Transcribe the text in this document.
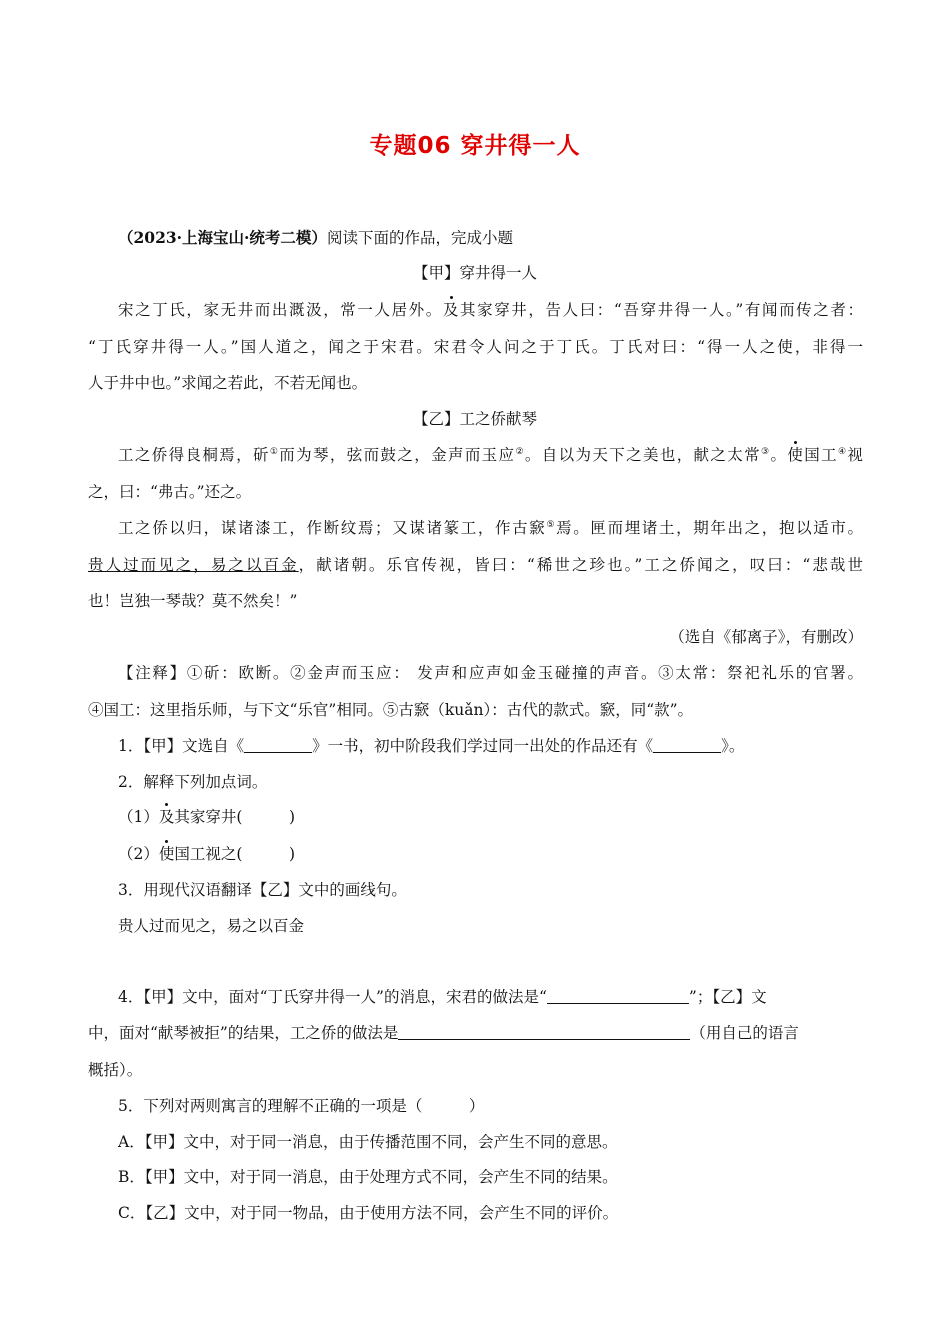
专题06 穿井得一人
（2023·上海宝山·统考二模）阅读下面的作品，完成小题
【甲】穿井得一人
宋之丁氏，家无井而出溉汲，常一人居外。及其家穿井，告人曰：“吾穿井得一人。”有闻而传之者：
“丁氏穿井得一人。”国人道之，闻之于宋君。宋君令人问之于丁氏。丁氏对曰：“得一人之使，非得一
人于井中也。”求闻之若此，不若无闻也。
【乙】工之侨献琴
工之侨得良桐焉，斫①而为琴，弦而鼓之，金声而玉应②。自以为天下之美也，献之太常③。使国工④视
之，曰：“弗古。”还之。
工之侨以归，谋诸漆工，作断纹焉；又谋诸篆工，作古窾⑤焉。匣而埋诸土，期年出之，抱以适市。
贵人过而见之，易之以百金，献诸朝。乐官传视，皆曰：“稀世之珍也。”工之侨闻之，叹曰：“悲哉世
也！岂独一琴哉？莫不然矣！”
（选自《郁离子》，有删改）
【注释】①斫：欧断。②金声而玉应： 发声和应声如金玉碰撞的声音。③太常：祭祀礼乐的官署。
④国工：这里指乐师，与下文“乐官”相同。⑤古窾（kuǎn）：古代的款式。窾，同“款”。
1．【甲】文选自《	》一书，初中阶段我们学过同一出处的作品还有《	》。
2．解释下列加点词。
（1）及其家穿井(　　　)
（2）使国工视之(　　　)
3．用现代汉语翻译【乙】文中的画线句。
贵人过而见之，易之以百金
4．【甲】文中，面对“丁氏穿井得一人”的消息，宋君的做法是“	”；【乙】文
中，面对“献琴被拒”的结果，工之侨的做法是	（用自己的语言
概括）。
5．下列对两则寓言的理解不正确的一项是（　　　）
A．【甲】文中，对于同一消息，由于传播范围不同，会产生不同的意思。
B．【甲】文中，对于同一消息，由于处理方式不同，会产生不同的结果。
C．【乙】文中，对于同一物品，由于使用方法不同，会产生不同的评价。
